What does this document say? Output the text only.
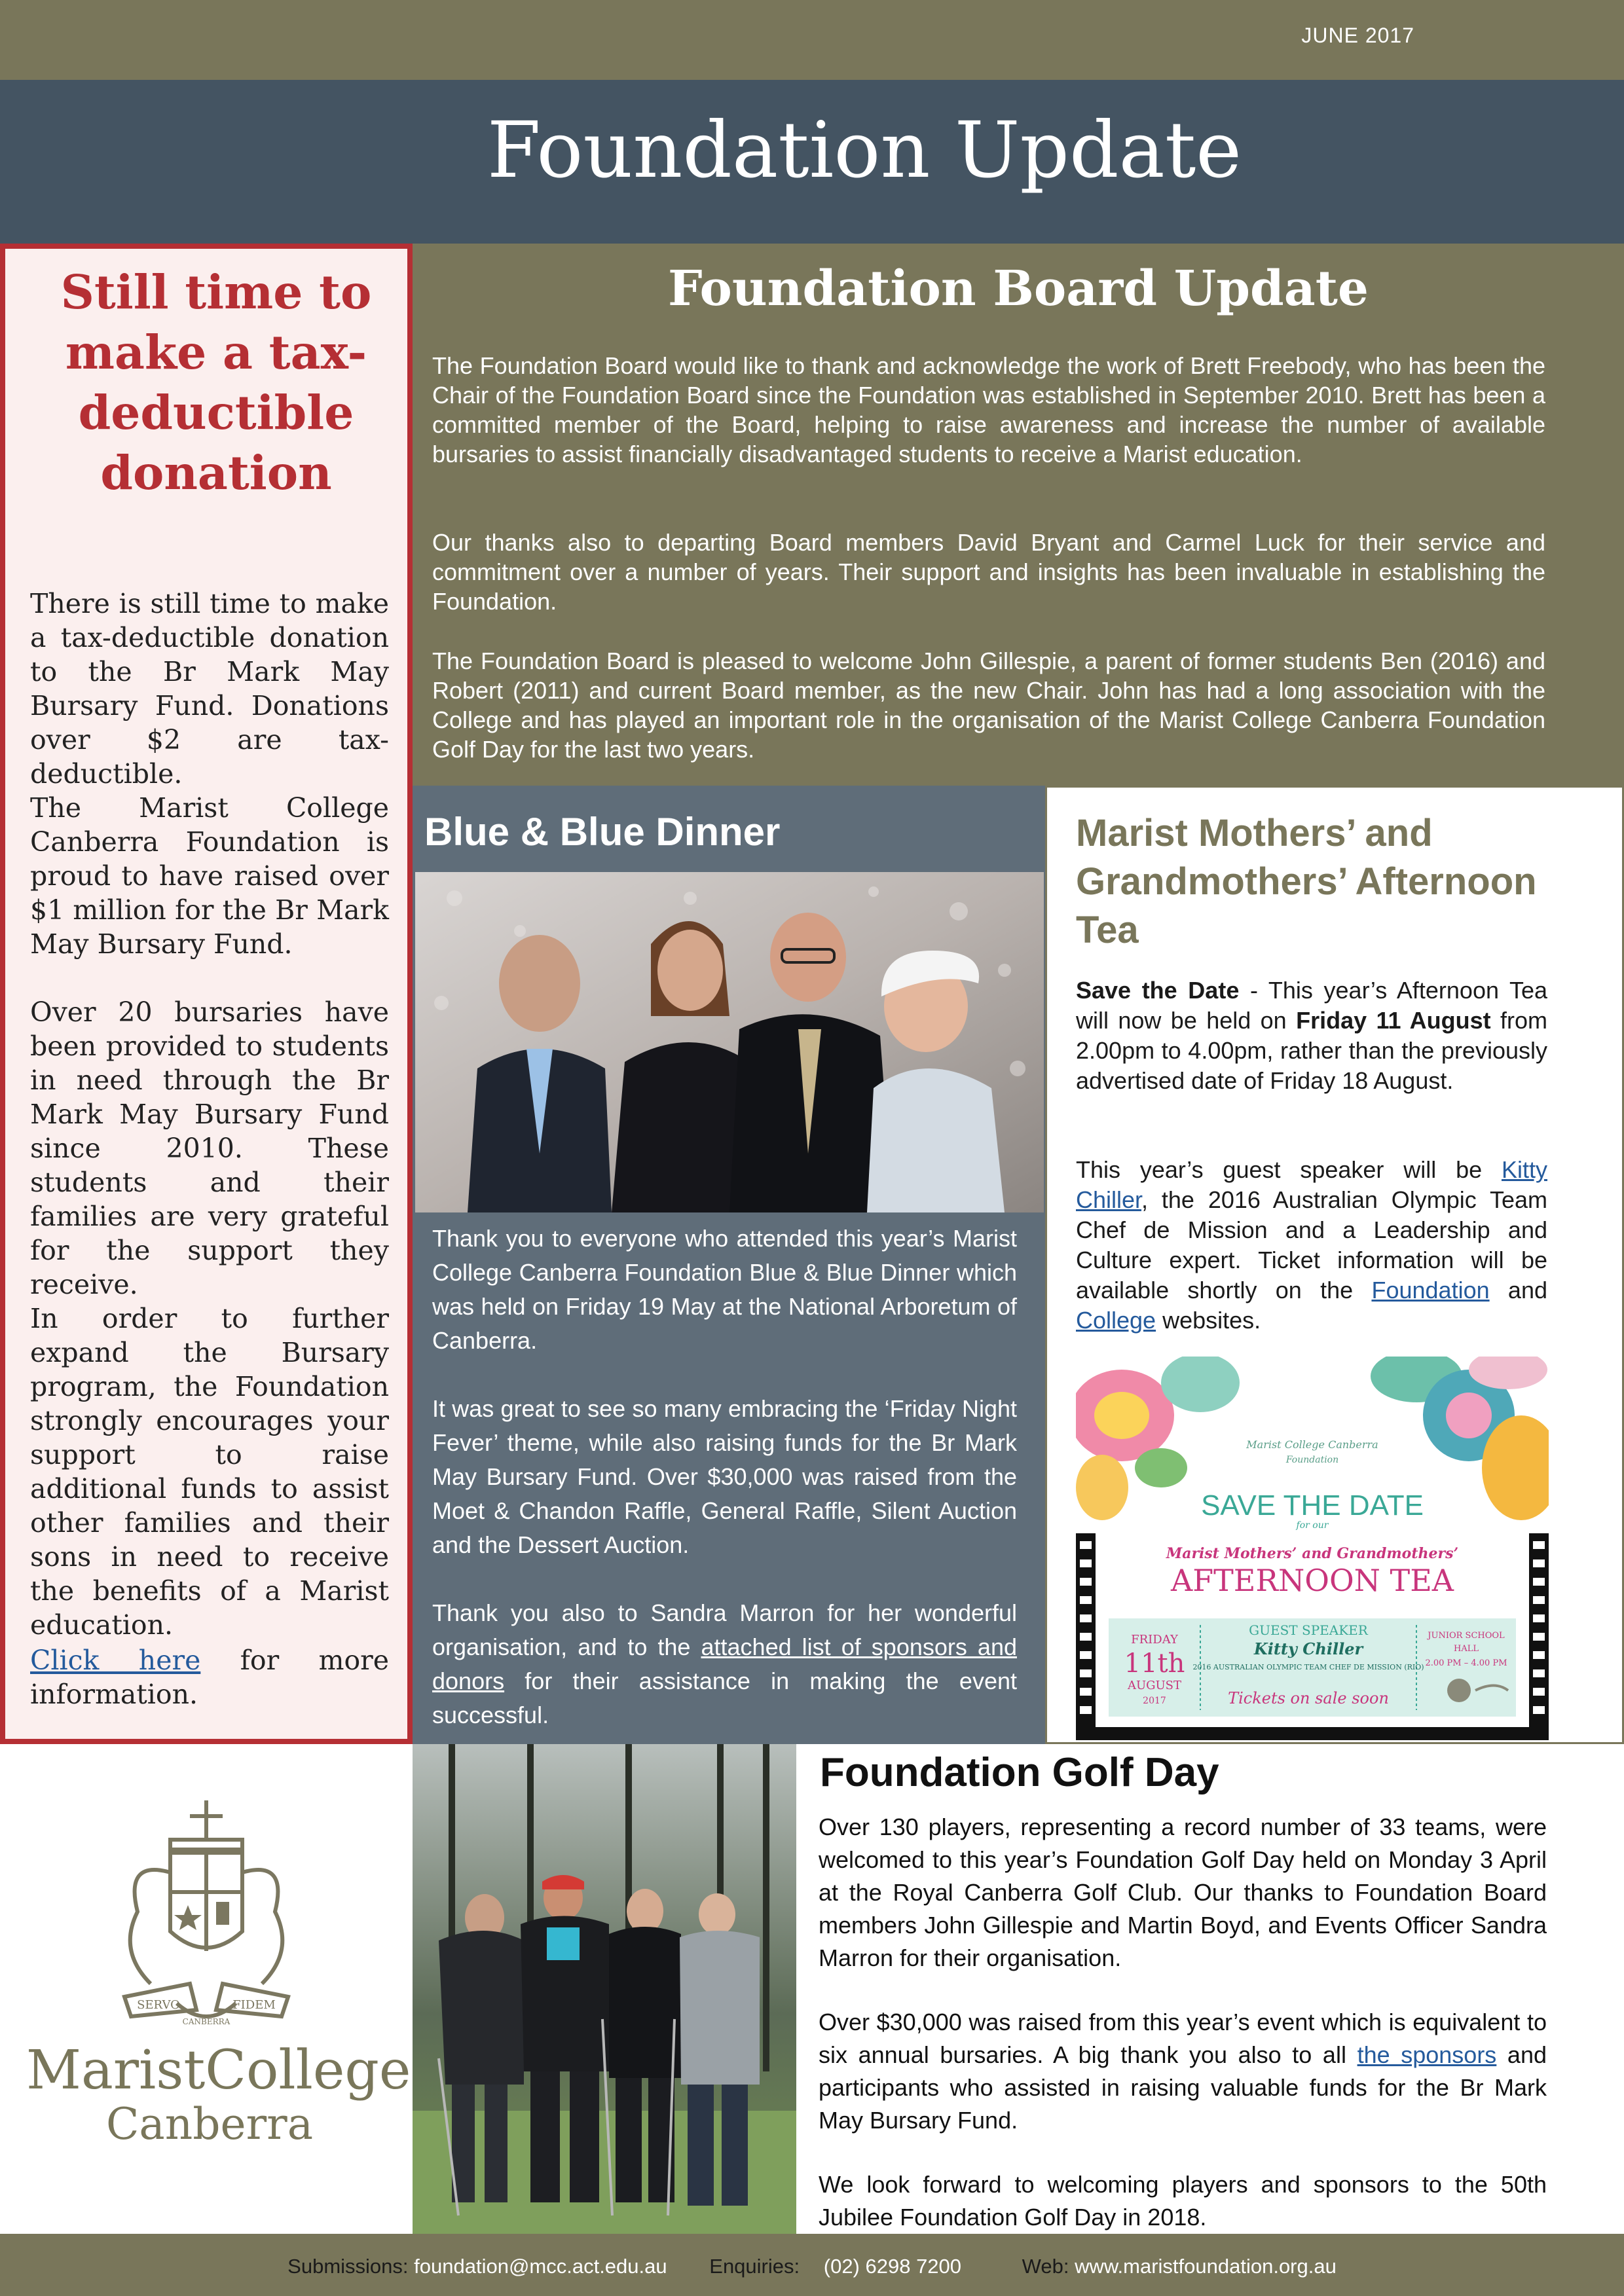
JUNE 2017
Foundation Update
Still time to make a tax-deductible donation
There is still time to make a tax-deductible donation to the Br Mark May Bursary Fund. Donations over $2 are tax-deductible.
The Marist College Canberra Foundation is proud to have raised over $1 million for the Br Mark May Bursary Fund.
Over 20 bursaries have been provided to students in need through the Br Mark May Bursary Fund since 2010. These students and their families are very grateful for the support they receive.
In order to further expand the Bursary program, the Foundation strongly encourages your support to raise additional funds to assist other families and their sons in need to receive the benefits of a Marist education.
Click here for more information.
Foundation Board Update
The Foundation Board would like to thank and acknowledge the work of Brett Freebody, who has been the Chair of the Foundation Board since the Foundation was established in September 2010. Brett has been a committed member of the Board, helping to raise awareness and increase the number of available bursaries to assist financially disadvantaged students to receive a Marist education.
Our thanks also to departing Board members David Bryant and Carmel Luck for their service and commitment over a number of years. Their support and insights has been invaluable in establishing the Foundation.
The Foundation Board is pleased to welcome John Gillespie, a parent of former students Ben (2016) and Robert (2011) and current Board member, as the new Chair. John has had a long association with the College and has played an important role in the organisation of the Marist College Canberra Foundation Golf Day for the last two years.
Blue & Blue Dinner
Thank you to everyone who attended this year’s Marist College Canberra Foundation Blue & Blue Dinner which was held on Friday 19 May at the National Arboretum of Canberra.
It was great to see so many embracing the ‘Friday Night Fever’ theme, while also raising funds for the Br Mark May Bursary Fund. Over $30,000 was raised from the Moet & Chandon Raffle, General Raffle, Silent Auction and the Dessert Auction.
Thank you also to Sandra Marron for her wonderful organisation, and to the attached list of sponsors and donors for their assistance in making the event successful.
Marist Mothers’ and Grandmothers’ Afternoon Tea
Save the Date - This year’s Afternoon Tea will now be held on Friday 11 August from 2.00pm to 4.00pm, rather than the previously advertised date of Friday 18 August.
This year’s guest speaker will be Kitty Chiller, the 2016 Australian Olympic Team Chef de Mission and a Leadership and Culture expert. Ticket information will be available shortly on the Foundation and College websites.
Marist College Canberra
Foundation
SAVE THE DATE
for our
Marist Mothers’ and Grandmothers’
AFTERNOON TEA
FRIDAY
11th
AUGUST
2017
GUEST SPEAKER
Kitty Chiller
2016 AUSTRALIAN OLYMPIC TEAM CHEF DE MISSION (RIO)
Tickets on sale soon
JUNIOR SCHOOL
HALL
2.00 PM – 4.00 PM
SERVO	FIDEM
CANBERRA
MaristCollege
Canberra
Foundation Golf Day
Over 130 players, representing a record number of 33 teams, were welcomed to this year’s Foundation Golf Day held on Monday 3 April at the Royal Canberra Golf Club. Our thanks to Foundation Board members John Gillespie and Martin Boyd, and Events Officer Sandra Marron for their organisation.
Over $30,000 was raised from this year’s event which is equivalent to six annual bursaries. A big thank you also to all the sponsors and participants who assisted in raising valuable funds for the Br Mark May Bursary Fund.
We look forward to welcoming players and sponsors to the 50th Jubilee Foundation Golf Day in 2018.
Submissions: foundation@mcc.act.edu.au Enquiries: (02) 6298 7200	Web: www.maristfoundation.org.au
